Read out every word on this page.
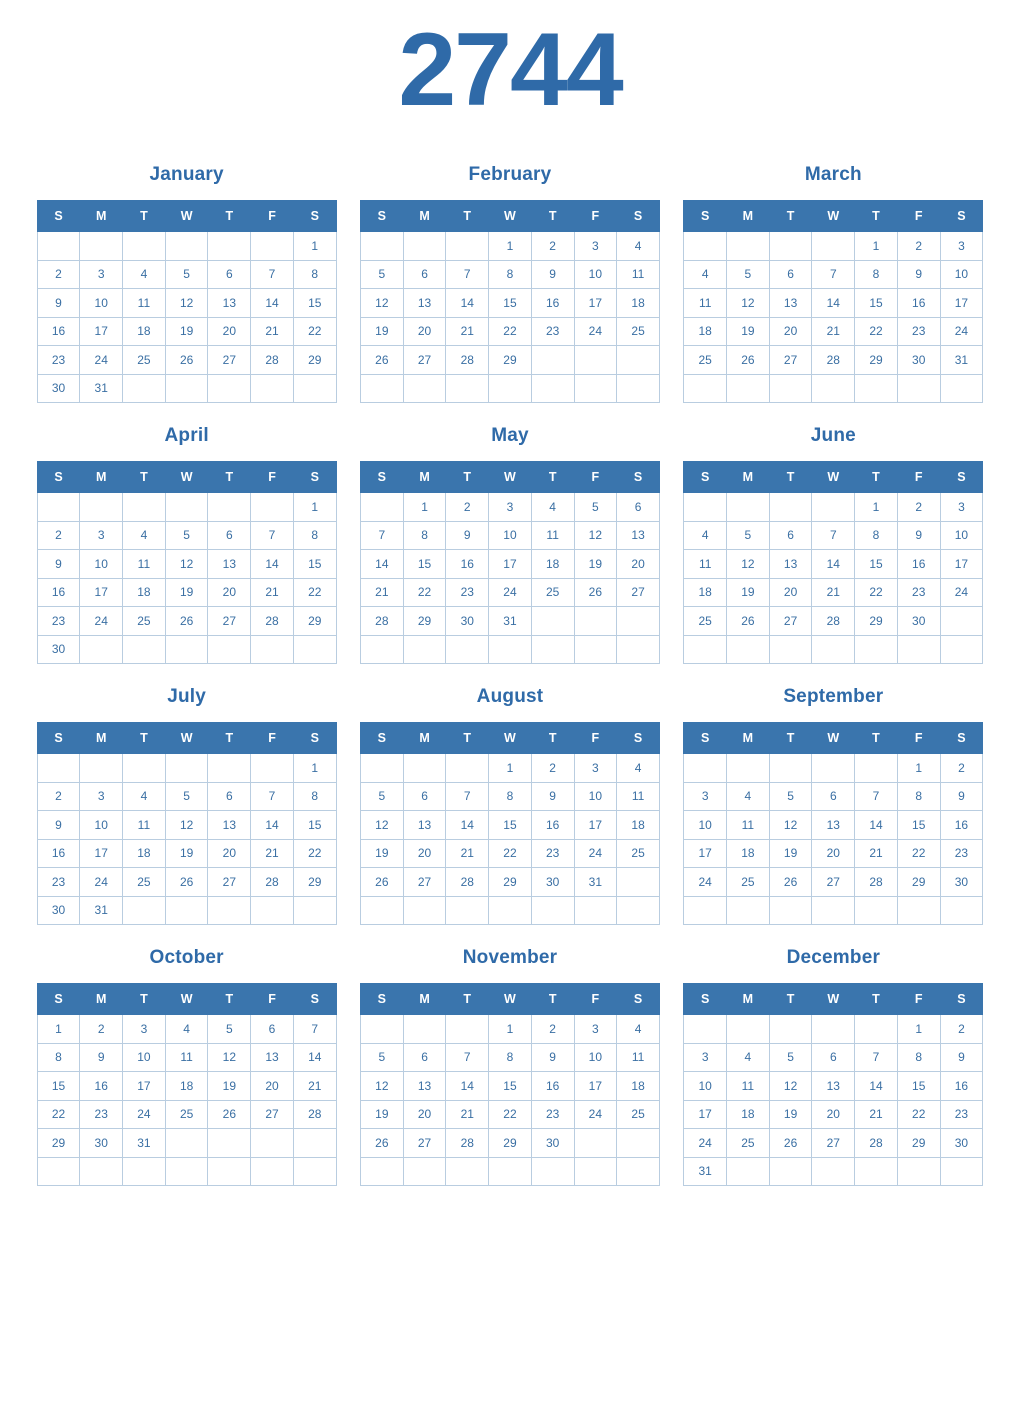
2744
January
S	M	T	W	T	F	S
						1
2	3	4	5	6	7	8
9	10	11	12	13	14	15
16	17	18	19	20	21	22
23	24	25	26	27	28	29
30	31					
February
S	M	T	W	T	F	S
			1	2	3	4
5	6	7	8	9	10	11
12	13	14	15	16	17	18
19	20	21	22	23	24	25
26	27	28	29			

March
S	M	T	W	T	F	S
				1	2	3
4	5	6	7	8	9	10
11	12	13	14	15	16	17
18	19	20	21	22	23	24
25	26	27	28	29	30	31

April
S	M	T	W	T	F	S
						1
2	3	4	5	6	7	8
9	10	11	12	13	14	15
16	17	18	19	20	21	22
23	24	25	26	27	28	29
30						
May
S	M	T	W	T	F	S
	1	2	3	4	5	6
7	8	9	10	11	12	13
14	15	16	17	18	19	20
21	22	23	24	25	26	27
28	29	30	31			

June
S	M	T	W	T	F	S
				1	2	3
4	5	6	7	8	9	10
11	12	13	14	15	16	17
18	19	20	21	22	23	24
25	26	27	28	29	30	

July
S	M	T	W	T	F	S
						1
2	3	4	5	6	7	8
9	10	11	12	13	14	15
16	17	18	19	20	21	22
23	24	25	26	27	28	29
30	31					
August
S	M	T	W	T	F	S
			1	2	3	4
5	6	7	8	9	10	11
12	13	14	15	16	17	18
19	20	21	22	23	24	25
26	27	28	29	30	31	

September
S	M	T	W	T	F	S
					1	2
3	4	5	6	7	8	9
10	11	12	13	14	15	16
17	18	19	20	21	22	23
24	25	26	27	28	29	30

October
S	M	T	W	T	F	S
1	2	3	4	5	6	7
8	9	10	11	12	13	14
15	16	17	18	19	20	21
22	23	24	25	26	27	28
29	30	31				

November
S	M	T	W	T	F	S
			1	2	3	4
5	6	7	8	9	10	11
12	13	14	15	16	17	18
19	20	21	22	23	24	25
26	27	28	29	30		

December
S	M	T	W	T	F	S
					1	2
3	4	5	6	7	8	9
10	11	12	13	14	15	16
17	18	19	20	21	22	23
24	25	26	27	28	29	30
31						
